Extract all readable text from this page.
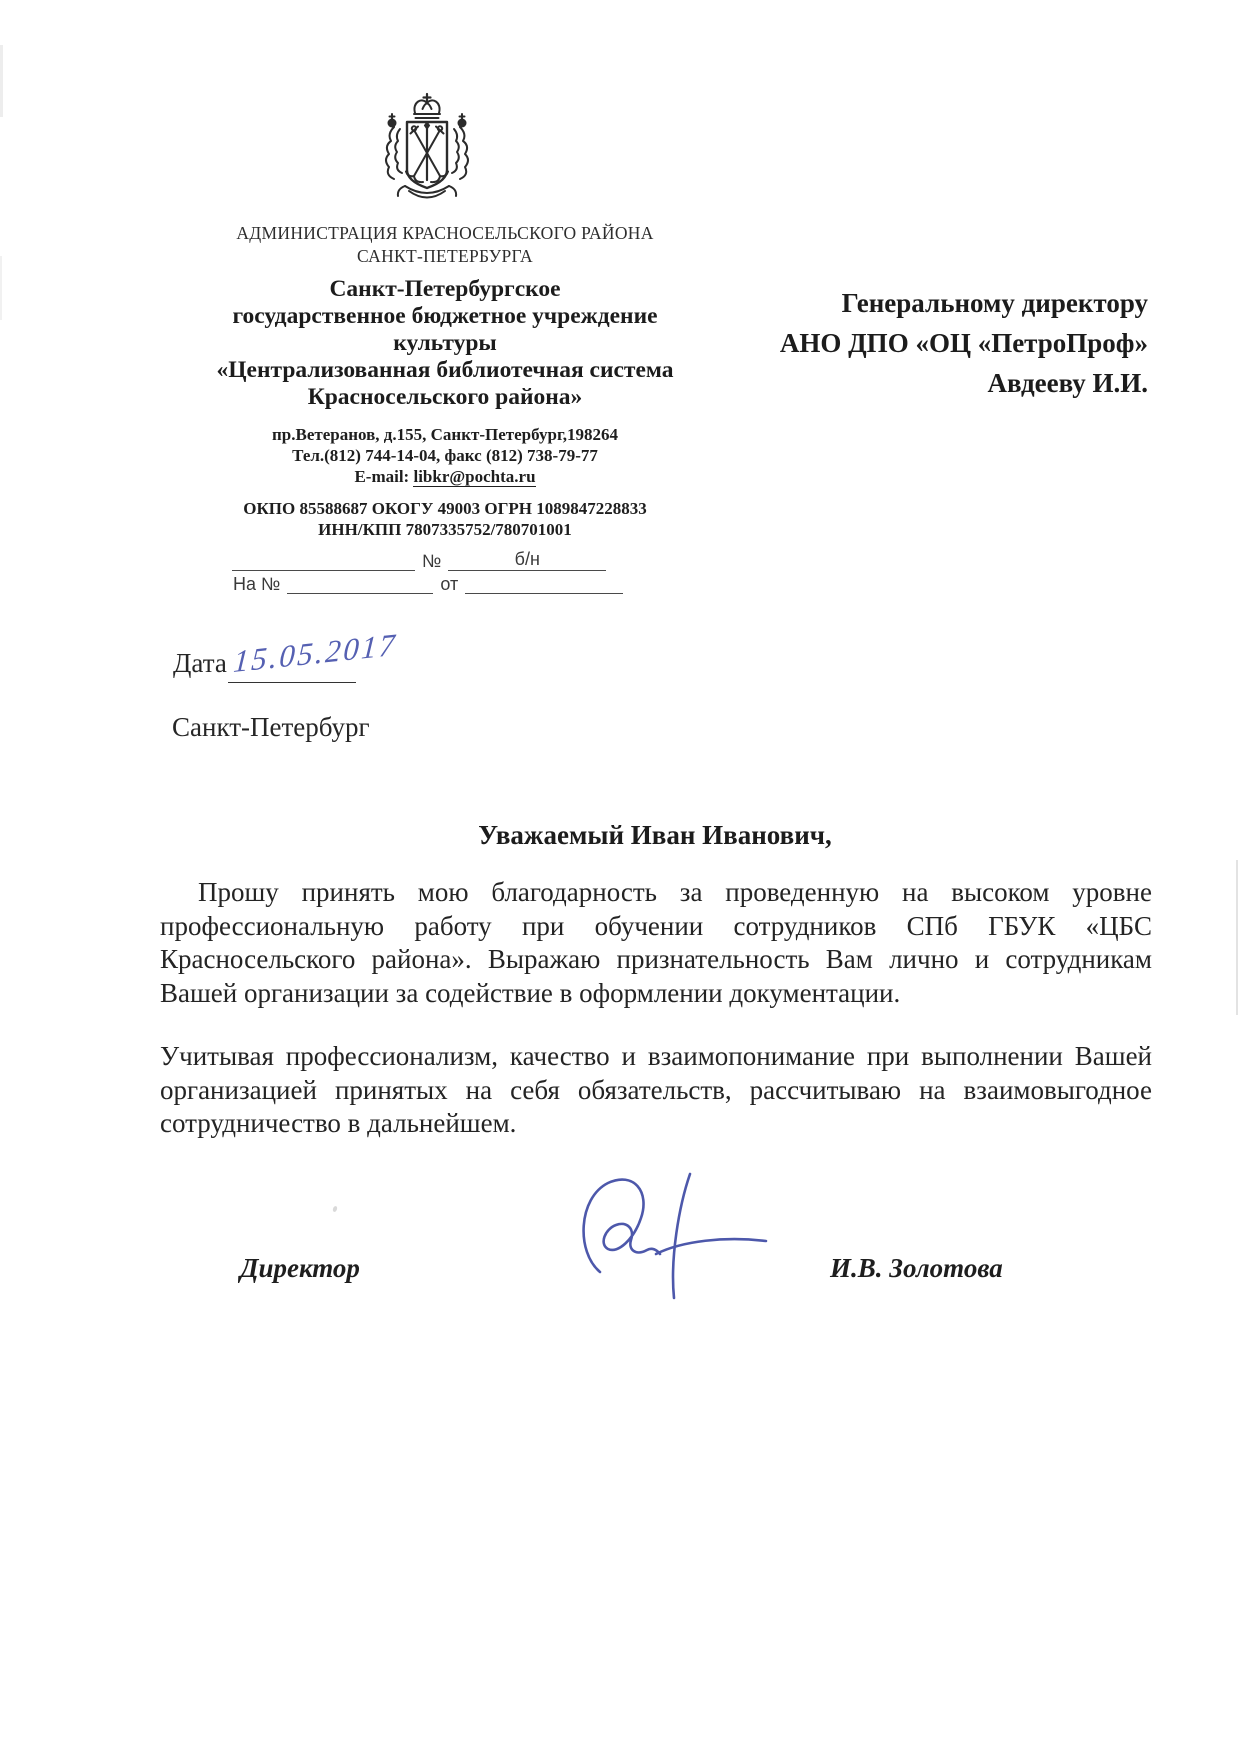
АДМИНИСТРАЦИЯ КРАСНОСЕЛЬСКОГО РАЙОНА
САНКТ-ПЕТЕРБУРГА
Санкт-Петербургское
государственное бюджетное учреждение
культуры
«Централизованная библиотечная система
Красносельского района»
пр.Ветеранов, д.155, Санкт-Петербург,198264
Тел.(812) 744-14-04, факс (812) 738-79-77
E-mail: libkr@pochta.ru
ОКПО 85588687 ОКОГУ 49003 ОГРН 1089847228833
ИНН/КПП 7807335752/780701001
№	б/н
На №	от
Генеральному директору
АНО ДПО «ОЦ «ПетроПроф»
Авдееву И.И.
Дата 15.05.2017
Санкт-Петербург
Уважаемый Иван Иванович,

Прошу принять мою благодарность за проведенную на высоком уровне профессиональную работу при обучении сотрудников СПб ГБУК «ЦБС Красносельского района». Выражаю признательность Вам лично и сотрудникам Вашей организации за содействие в оформлении документации.

Учитывая профессионализм, качество и взаимопонимание при выполнении Вашей организацией принятых на себя обязательств, рассчитываю на взаимовыгодное сотрудничество в дальнейшем.

Директор	И.В. Золотова
